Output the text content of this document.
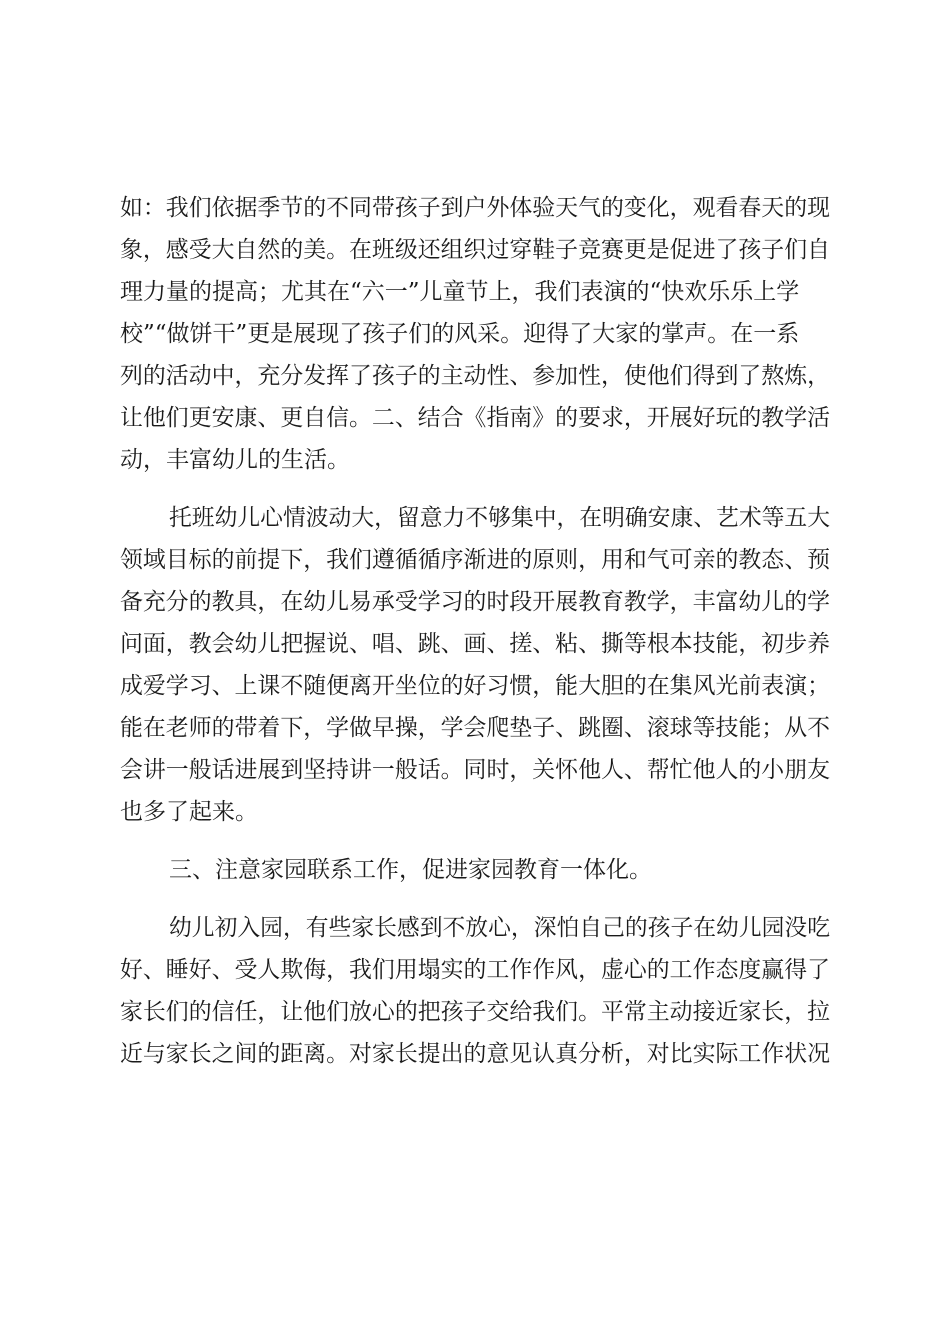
如：我们依据季节的不同带孩子到户外体验天气的变化，观看春天的现
象，感受大自然的美。在班级还组织过穿鞋子竞赛更是促进了孩子们自
理力量的提高；尤其在“六一”儿童节上，我们表演的“快欢乐乐上学
校”“做饼干”更是展现了孩子们的风采。迎得了大家的掌声。在一系
列的活动中，充分发挥了孩子的主动性、参加性，使他们得到了熬炼，
让他们更安康、更自信。二、结合《指南》的要求，开展好玩的教学活
动，丰富幼儿的生活。
托班幼儿心情波动大，留意力不够集中，在明确安康、艺术等五大
领域目标的前提下，我们遵循循序渐进的原则，用和气可亲的教态、预
备充分的教具，在幼儿易承受学习的时段开展教育教学，丰富幼儿的学
问面，教会幼儿把握说、唱、跳、画、搓、粘、撕等根本技能，初步养
成爱学习、上课不随便离开坐位的好习惯，能大胆的在集风光前表演；
能在老师的带着下，学做早操，学会爬垫子、跳圈、滚球等技能；从不
会讲一般话进展到坚持讲一般话。同时，关怀他人、帮忙他人的小朋友
也多了起来。
三、注意家园联系工作，促进家园教育一体化。
幼儿初入园，有些家长感到不放心，深怕自己的孩子在幼儿园没吃
好、睡好、受人欺侮，我们用塌实的工作作风，虚心的工作态度赢得了
家长们的信任，让他们放心的把孩子交给我们。平常主动接近家长，拉
近与家长之间的距离。对家长提出的意见认真分析，对比实际工作状况
